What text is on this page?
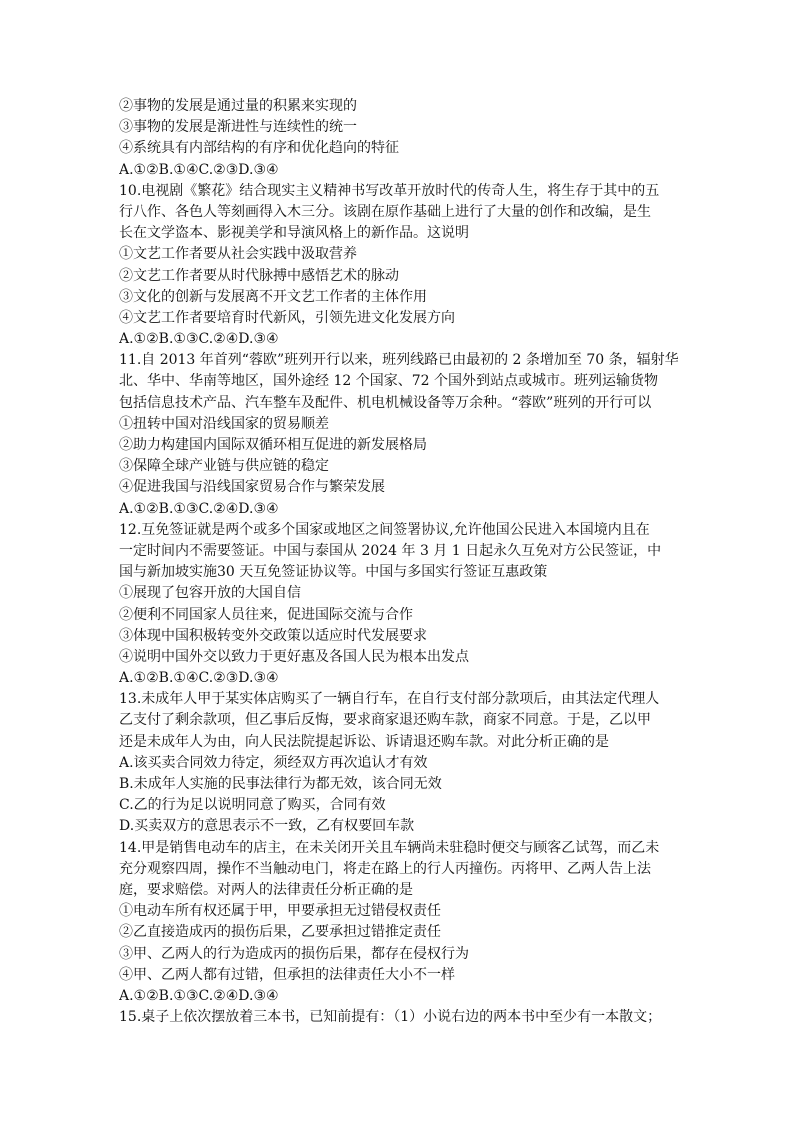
②事物的发展是通过量的积累来实现的
③事物的发展是渐进性与连续性的统一
④系统具有内部结构的有序和优化趋向的特征
A.①②B.①④C.②③D.③④
10.电视剧《繁花》结合现实主义精神书写改革开放时代的传奇人生，将生存于其中的五
行八作、各色人等刻画得入木三分。该剧在原作基础上进行了大量的创作和改编，是生
长在文学盗本、影视美学和导演风格上的新作品。这说明
①文艺工作者要从社会实践中汲取营养
②文艺工作者要从时代脉搏中感悟艺术的脉动
③文化的创新与发展离不开文艺工作者的主体作用
④文艺工作者要培育时代新风，引领先进文化发展方向
A.①②B.①③C.②④D.③④
11.自 2013 年首列“蓉欧”班列开行以来，班列线路已由最初的 2 条增加至 70 条，辐射华
北、华中、华南等地区，国外途经 12 个国家、72 个国外到站点或城市。班列运输货物
包括信息技术产品、汽车整车及配件、机电机械设备等万余种。“蓉欧”班列的开行可以
①扭转中国对沿线国家的贸易顺差
②助力构建国内国际双循环相互促进的新发展格局
③保障全球产业链与供应链的稳定
④促进我国与沿线国家贸易合作与繁荣发展
A.①②B.①③C.②④D.③④
12.互免签证就是两个或多个国家或地区之间签署协议,允许他国公民进入本国境内且在
一定时间内不需要签证。中国与泰国从 2024 年 3 月 1 日起永久互免对方公民签证，中
国与新加坡实施30 天互免签证协议等。中国与多国实行签证互惠政策
①展现了包容开放的大国自信
②便利不同国家人员往来，促进国际交流与合作
③体现中国积极转变外交政策以适应时代发展要求
④说明中国外交以致力于更好惠及各国人民为根本出发点
A.①②B.①④C.②③D.③④
13.未成年人甲于某实体店购买了一辆自行车，在自行支付部分款项后，由其法定代理人
乙支付了剩余款项，但乙事后反悔，要求商家退还购车款，商家不同意。于是，乙以甲
还是未成年人为由，向人民法院提起诉讼、诉请退还购车款。对此分析正确的是
A.该买卖合同效力待定，须经双方再次追认才有效
B.未成年人实施的民事法律行为都无效，该合同无效
C.乙的行为足以说明同意了购买，合同有效
D.买卖双方的意思表示不一致，乙有权要回车款
14.甲是销售电动车的店主，在未关闭开关且车辆尚未驻稳时便交与顾客乙试驾，而乙未
充分观察四周，操作不当触动电门，将走在路上的行人丙撞伤。丙将甲、乙两人告上法
庭，要求赔偿。对两人的法律责任分析正确的是
①电动车所有权还属于甲，甲要承担无过错侵权责任
②乙直接造成丙的损伤后果，乙要承担过错推定责任
③甲、乙两人的行为造成丙的损伤后果，都存在侵权行为
④甲、乙两人都有过错，但承担的法律责任大小不一样
A.①②B.①③C.②④D.③④
15.桌子上依次摆放着三本书，已知前提有：（1）小说右边的两本书中至少有一本散文；
